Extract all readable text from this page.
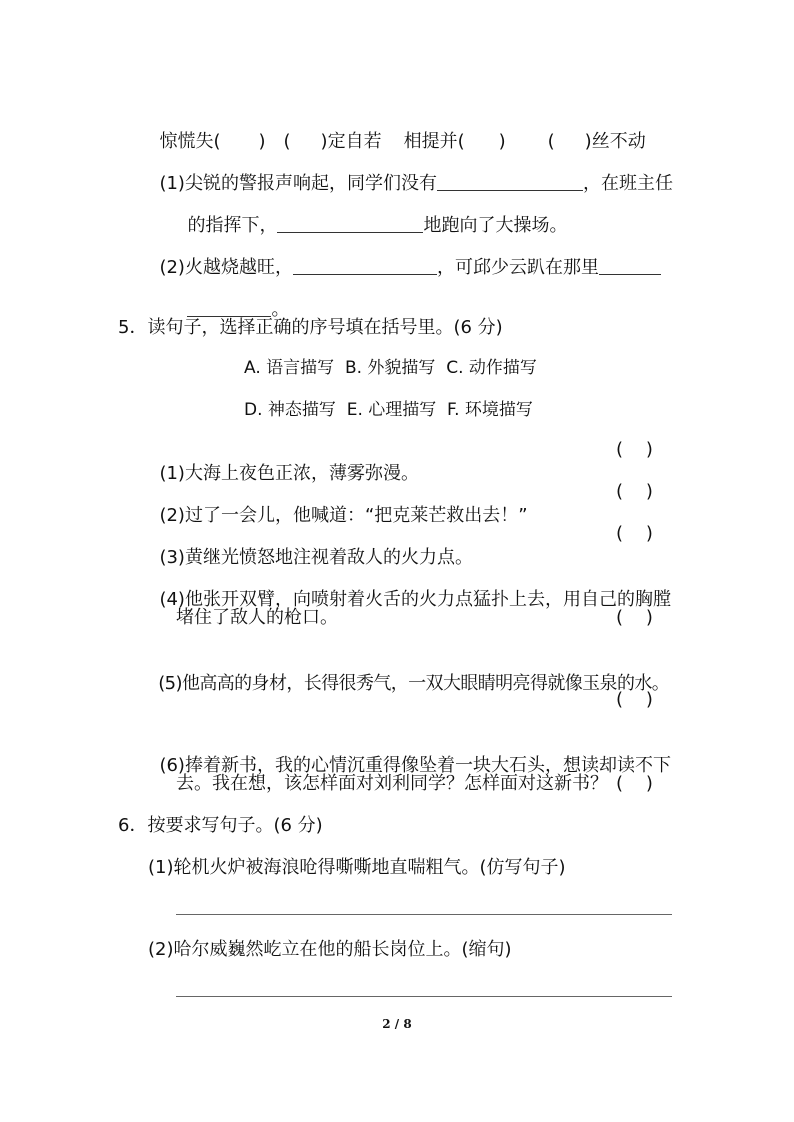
惊慌失( ) ( )定自若 相提并( ) ( )丝不动

(1)尖锐的警报声响起，同学们没有	，在班主任

的指挥下，	地跑向了大操场。

(2)火越烧越旺，	，可邱少云趴在那里

。

5．读句子，选择正确的序号填在括号里。(6 分)
A. 语言描写  B. 外貌描写  C. 动作描写
D. 神态描写  E. 心理描写  F. 环境描写

(1)大海上夜色正浓，薄雾弥漫。

(    )

(2)过了一会儿，他喊道：“把克莱芒救出去！”

(    )

(3)黄继光愤怒地注视着敌人的火力点。

(    )

(4)他张开双臂，向喷射着火舌的火力点猛扑上去，用自己的胸膛

堵住了敌人的枪口。	(    )

(5)他高高的身材，长得很秀气，一双大眼睛明亮得就像玉泉的水。

(    )

(6)捧着新书，我的心情沉重得像坠着一块大石头，想读却读不下

去。我在想，该怎样面对刘利同学？怎样面对这新书？ (    )
6．按要求写句子。(6 分)
(1)轮机火炉被海浪呛得嘶嘶地直喘粗气。(仿写句子)
(2)哈尔威巍然屹立在他的船长岗位上。(缩句)
2 / 8
